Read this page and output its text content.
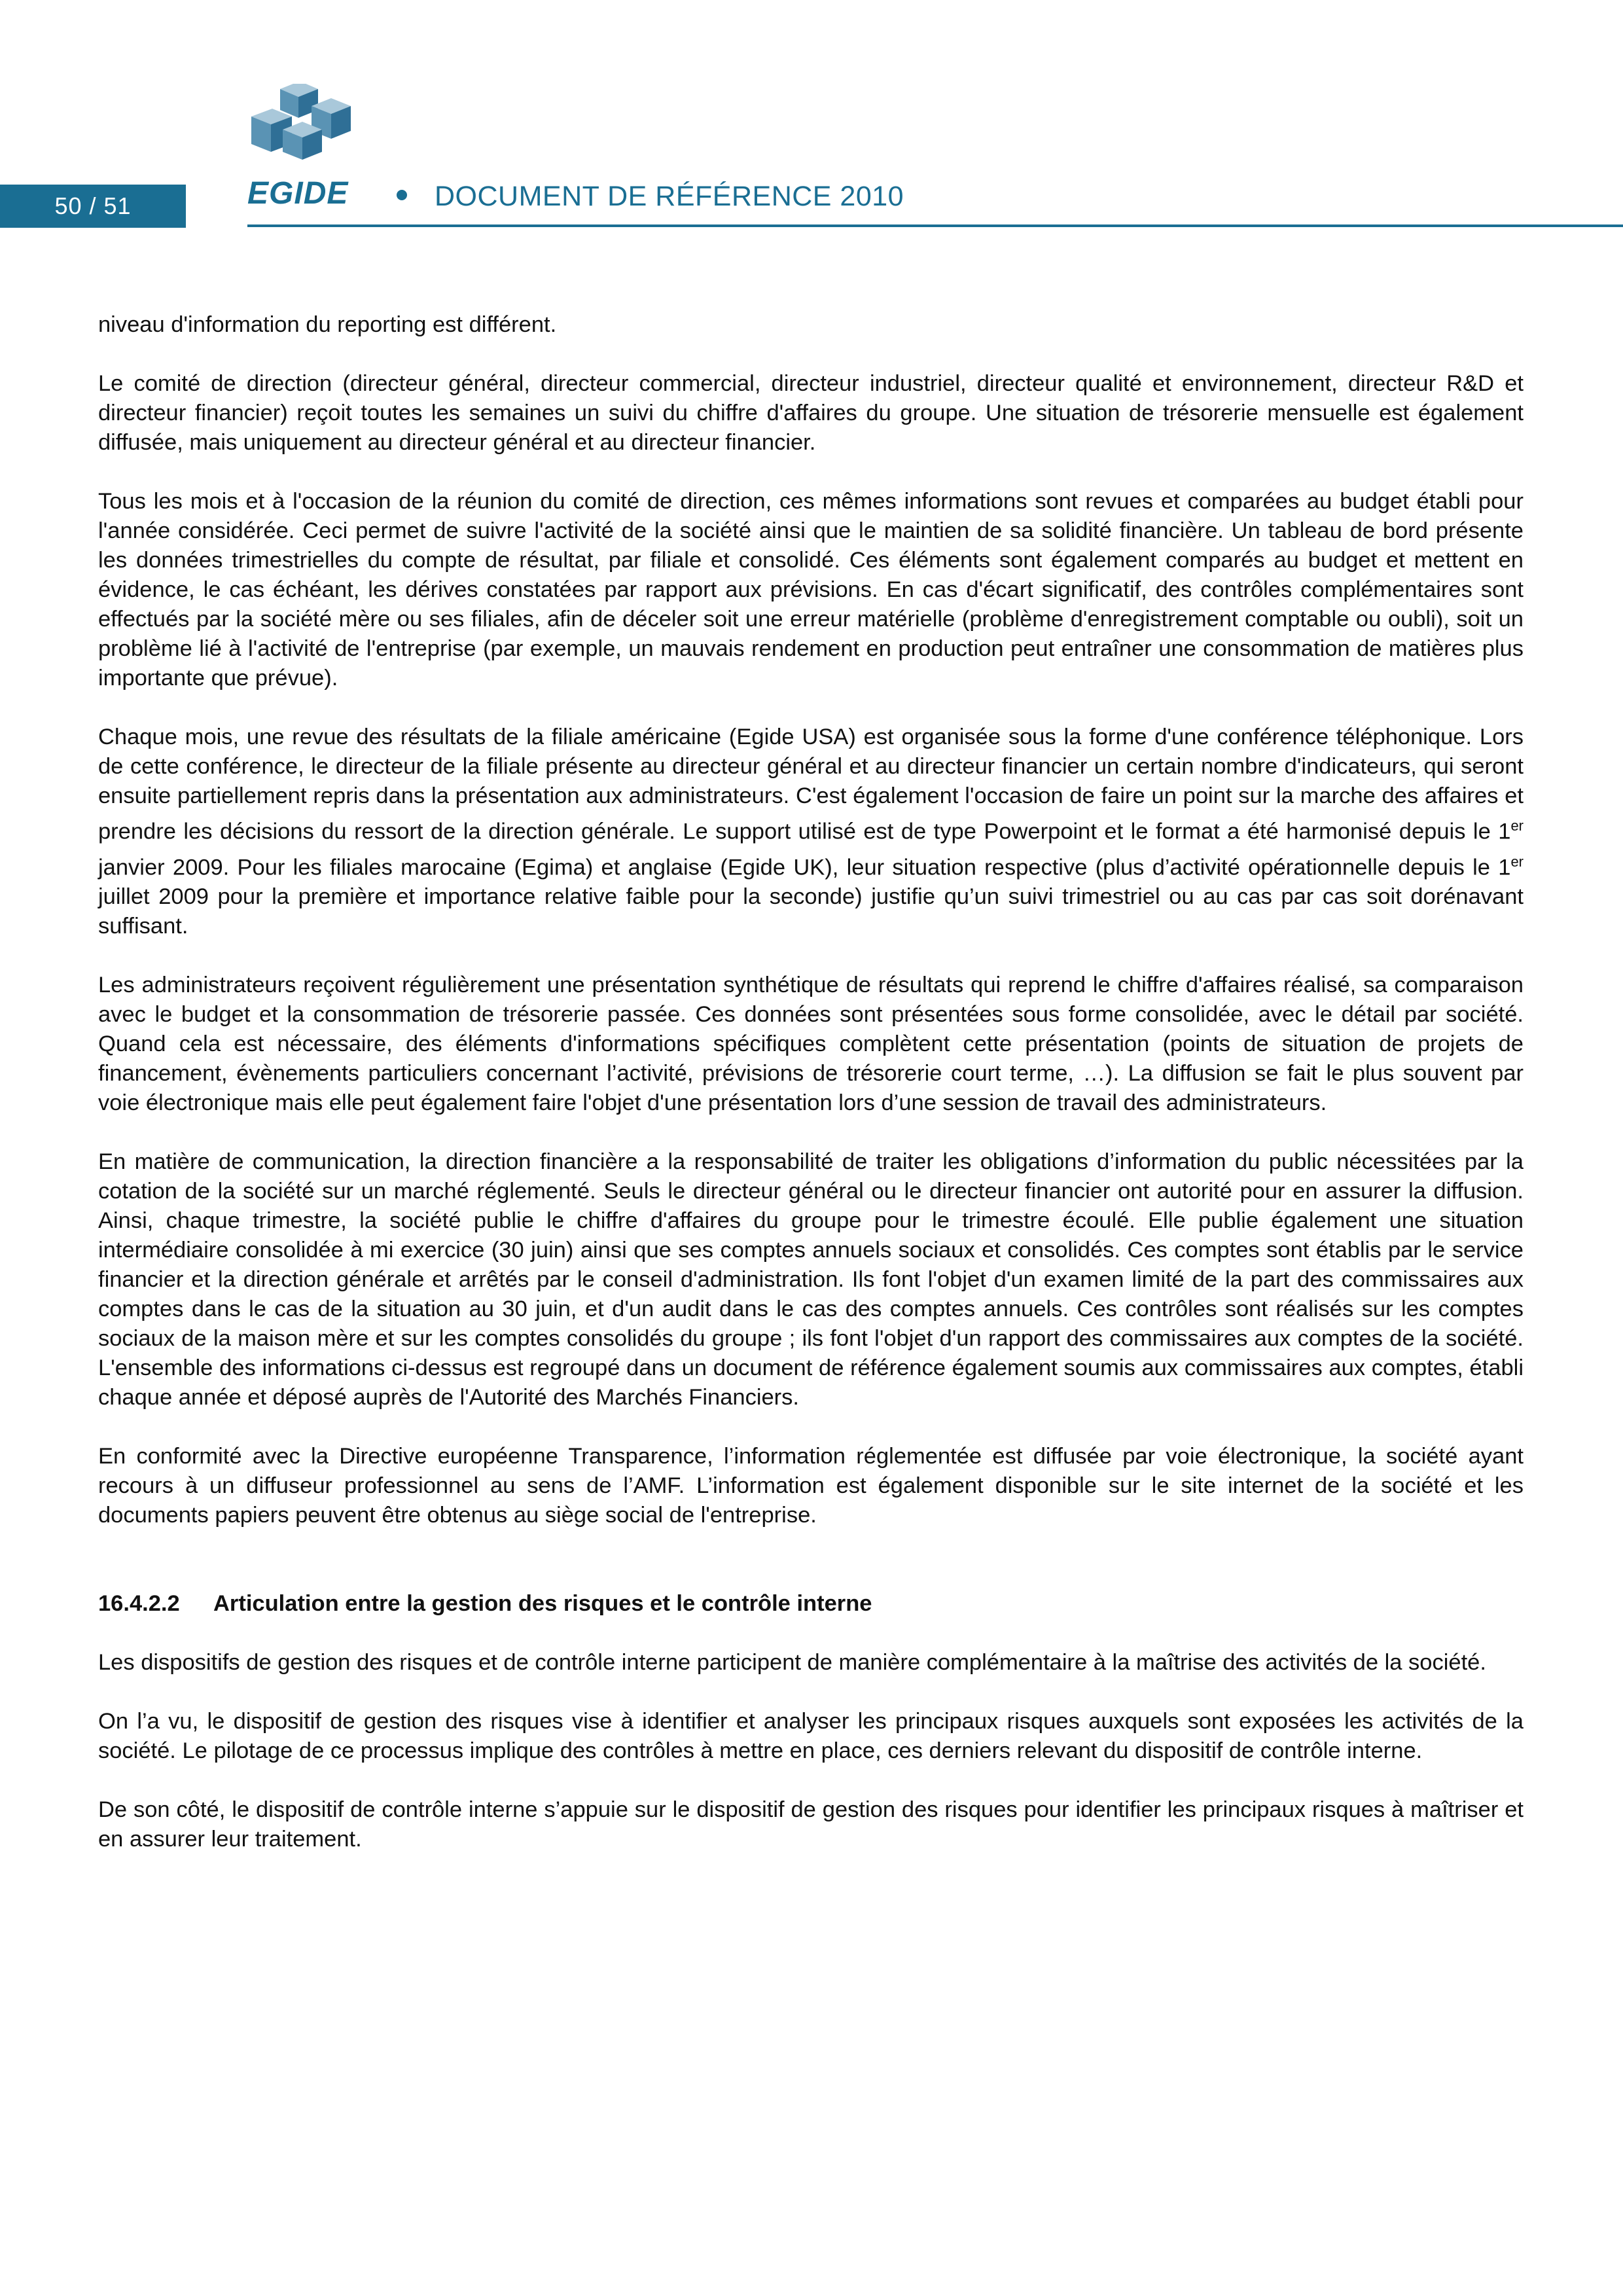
50 / 51	EGIDE	DOCUMENT DE RÉFÉRENCE 2010

niveau d'information du reporting est différent.

Le comité de direction (directeur général, directeur commercial, directeur industriel, directeur qualité et environnement, directeur R&D et directeur financier) reçoit toutes les semaines un suivi du chiffre d'affaires du groupe. Une situation de trésorerie mensuelle est également diffusée, mais uniquement au directeur général et au directeur financier.

Tous les mois et à l'occasion de la réunion du comité de direction, ces mêmes informations sont revues et comparées au budget établi pour l'année considérée. Ceci permet de suivre l'activité de la société ainsi que le maintien de sa solidité financière. Un tableau de bord présente les données trimestrielles du compte de résultat, par filiale et consolidé. Ces éléments sont également comparés au budget et mettent en évidence, le cas échéant, les dérives constatées par rapport aux prévisions. En cas d'écart significatif, des contrôles complémentaires sont effectués par la société mère ou ses filiales, afin de déceler soit une erreur matérielle (problème d'enregistrement comptable ou oubli), soit un problème lié à l'activité de l'entreprise (par exemple, un mauvais rendement en production peut entraîner une consommation de matières plus importante que prévue).

Chaque mois, une revue des résultats de la filiale américaine (Egide USA) est organisée sous la forme d'une conférence téléphonique. Lors de cette conférence, le directeur de la filiale présente au directeur général et au directeur financier un certain nombre d'indicateurs, qui seront ensuite partiellement repris dans la présentation aux administrateurs. C'est également l'occasion de faire un point sur la marche des affaires et prendre les décisions du ressort de la direction générale. Le support utilisé est de type Powerpoint et le format a été harmonisé depuis le 1er janvier 2009. Pour les filiales marocaine (Egima) et anglaise (Egide UK), leur situation respective (plus d’activité opérationnelle depuis le 1er juillet 2009 pour la première et importance relative faible pour la seconde) justifie qu’un suivi trimestriel ou au cas par cas soit dorénavant suffisant.

Les administrateurs reçoivent régulièrement une présentation synthétique de résultats qui reprend le chiffre d'affaires réalisé, sa comparaison avec le budget et la consommation de trésorerie passée. Ces données sont présentées sous forme consolidée, avec le détail par société. Quand cela est nécessaire, des éléments d'informations spécifiques complètent cette présentation (points de situation de projets de financement, évènements particuliers concernant l’activité, prévisions de trésorerie court terme, …). La diffusion se fait le plus souvent par voie électronique mais elle peut également faire l'objet d'une présentation lors d’une session de travail des administrateurs.

En matière de communication, la direction financière a la responsabilité de traiter les obligations d’information du public nécessitées par la cotation de la société sur un marché réglementé. Seuls le directeur général ou le directeur financier ont autorité pour en assurer la diffusion. Ainsi, chaque trimestre, la société publie le chiffre d'affaires du groupe pour le trimestre écoulé. Elle publie également une situation intermédiaire consolidée à mi exercice (30 juin) ainsi que ses comptes annuels sociaux et consolidés. Ces comptes sont établis par le service financier et la direction générale et arrêtés par le conseil d'administration. Ils font l'objet d'un examen limité de la part des commissaires aux comptes dans le cas de la situation au 30 juin, et d'un audit dans le cas des comptes annuels. Ces contrôles sont réalisés sur les comptes sociaux de la maison mère et sur les comptes consolidés du groupe ; ils font l'objet d'un rapport des commissaires aux comptes de la société. L'ensemble des informations ci-dessus est regroupé dans un document de référence également soumis aux commissaires aux comptes, établi chaque année et déposé auprès de l'Autorité des Marchés Financiers.

En conformité avec la Directive européenne Transparence, l’information réglementée est diffusée par voie électronique, la société ayant recours à un diffuseur professionnel au sens de l’AMF. L’information est également disponible sur le site internet de la société et les documents papiers peuvent être obtenus au siège social de l'entreprise.

16.4.2.2 Articulation entre la gestion des risques et le contrôle interne

Les dispositifs de gestion des risques et de contrôle interne participent de manière complémentaire à la maîtrise des activités de la société.

On l’a vu, le dispositif de gestion des risques vise à identifier et analyser les principaux risques auxquels sont exposées les activités de la société. Le pilotage de ce processus implique des contrôles à mettre en place, ces derniers relevant du dispositif de contrôle interne.

De son côté, le dispositif de contrôle interne s’appuie sur le dispositif de gestion des risques pour identifier les principaux risques à maîtriser et en assurer leur traitement.
